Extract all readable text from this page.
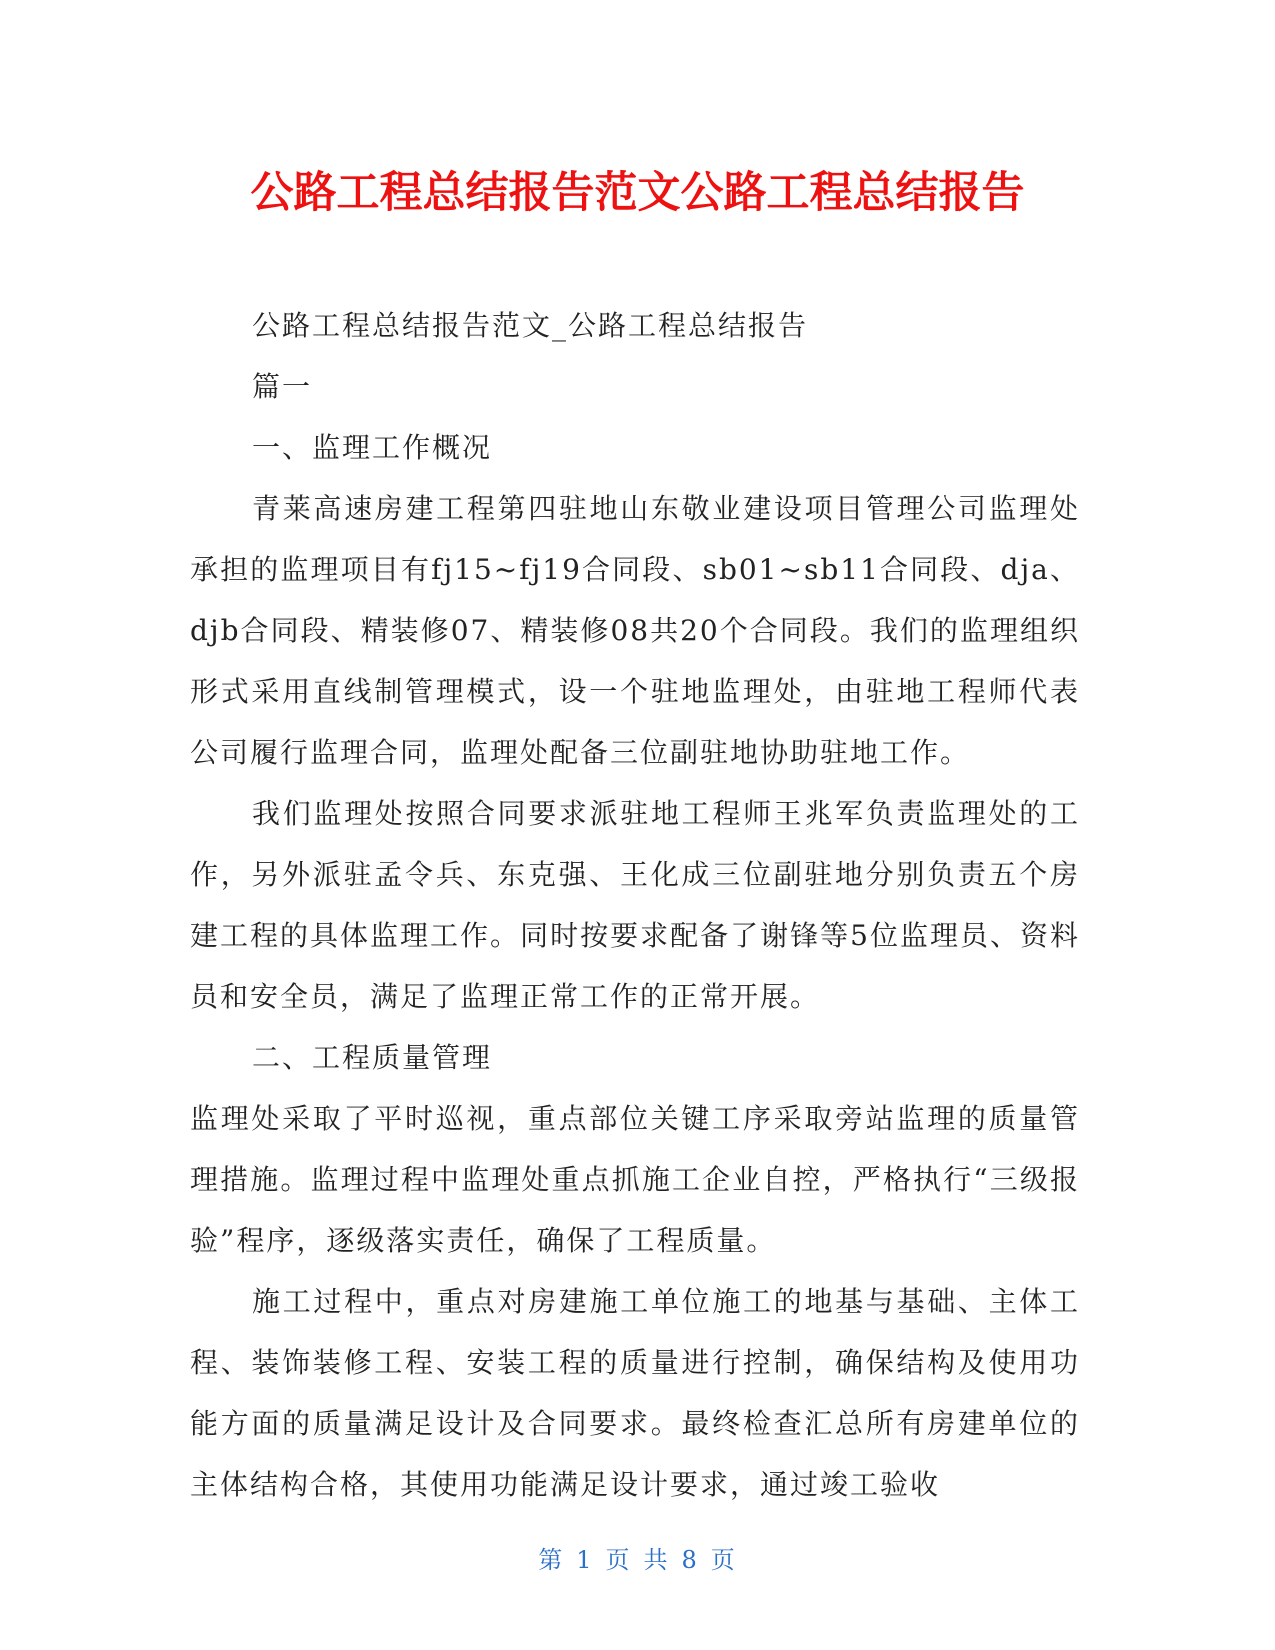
公路工程总结报告范文公路工程总结报告

公路工程总结报告范文_公路工程总结报告

篇一

一、监理工作概况

青莱高速房建工程第四驻地山东敬业建设项目管理公司监理处承担的监理项目有fj15~fj19合同段、sb01~sb11合同段、dja、djb合同段、精装修07、精装修08共20个合同段。我们的监理组织形式采用直线制管理模式，设一个驻地监理处，由驻地工程师代表公司履行监理合同，监理处配备三位副驻地协助驻地工作。

我们监理处按照合同要求派驻地工程师王兆军负责监理处的工作，另外派驻孟令兵、东克强、王化成三位副驻地分别负责五个房建工程的具体监理工作。同时按要求配备了谢锋等5位监理员、资料员和安全员，满足了监理正常工作的正常开展。

二、工程质量管理

监理处采取了平时巡视，重点部位关键工序采取旁站监理的质量管理措施。监理过程中监理处重点抓施工企业自控，严格执行“三级报验”程序，逐级落实责任，确保了工程质量。

施工过程中，重点对房建施工单位施工的地基与基础、主体工程、装饰装修工程、安装工程的质量进行控制，确保结构及使用功能方面的质量满足设计及合同要求。最终检查汇总所有房建单位的主体结构合格，其使用功能满足设计要求，通过竣工验收

第 1 页 共 8 页
